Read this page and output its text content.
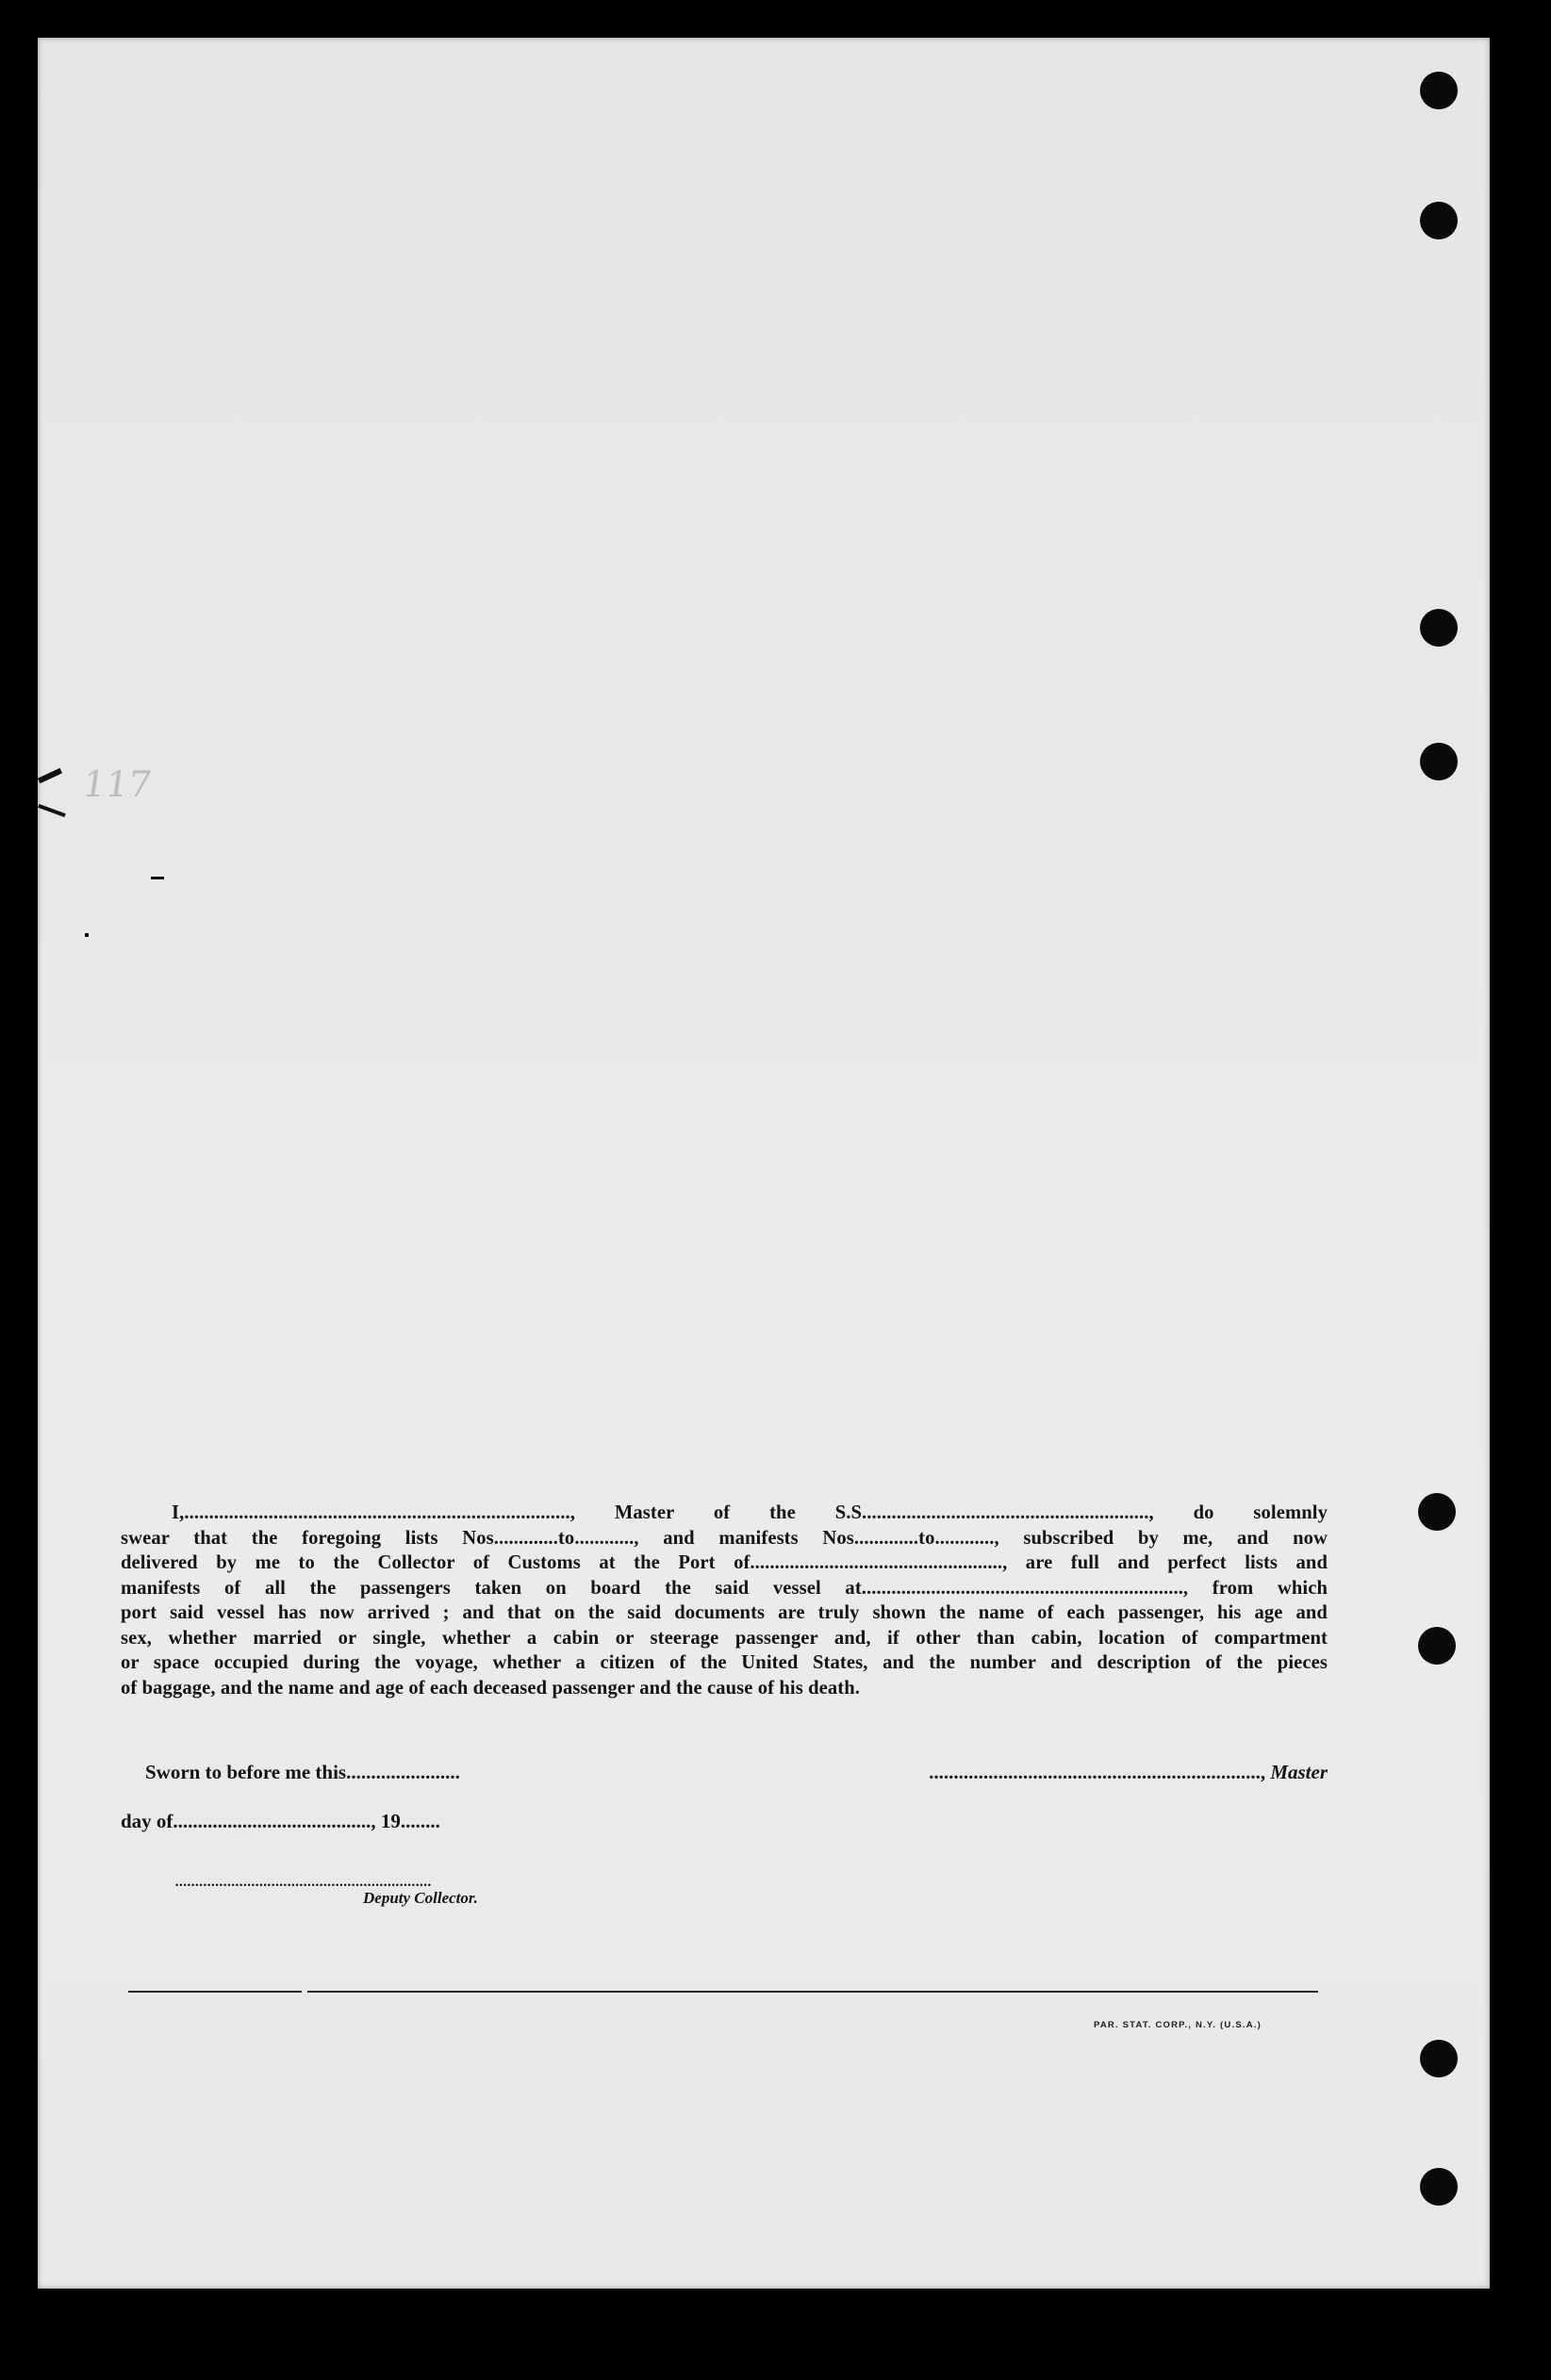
117
I,.............................................................................., Master of the S.S.........................................................., do solemnly
swear that the foregoing lists Nos.............to............, and manifests Nos.............to............, subscribed by me, and now
delivered by me to the Collector of Customs at the Port of..................................................., are full and perfect lists and
manifests of all the passengers taken on board the said vessel at................................................................., from which
port said vessel has now arrived ; and that on the said documents are truly shown the name of each passenger, his age and
sex, whether married or single, whether a cabin or steerage passenger and, if other than cabin, location of compartment
or space occupied during the voyage, whether a citizen of the United States, and the number and description of the pieces
of baggage, and the name and age of each deceased passenger and the cause of his death.
Sworn to before me this.......................	..................................................................., Master
day of........................................, 19........
................................................................
Deputy Collector.
PAR. STAT. CORP., N.Y. (U.S.A.)
